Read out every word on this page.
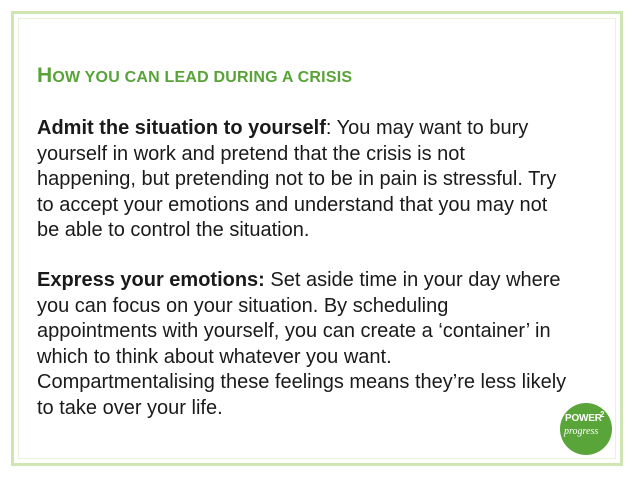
HOW YOU CAN LEAD DURING A CRISIS

Admit the situation to yourself: You may want to bury yourself in work and pretend that the crisis is not happening, but pretending not to be in pain is stressful. Try to accept your emotions and understand that you may not be able to control the situation.

Express your emotions: Set aside time in your day where you can focus on your situation. By scheduling appointments with yourself, you can create a ‘container’ in which to think about whatever you want. Compartmentalising these feelings means they’re less likely to take over your life.	POWER
2
progress
